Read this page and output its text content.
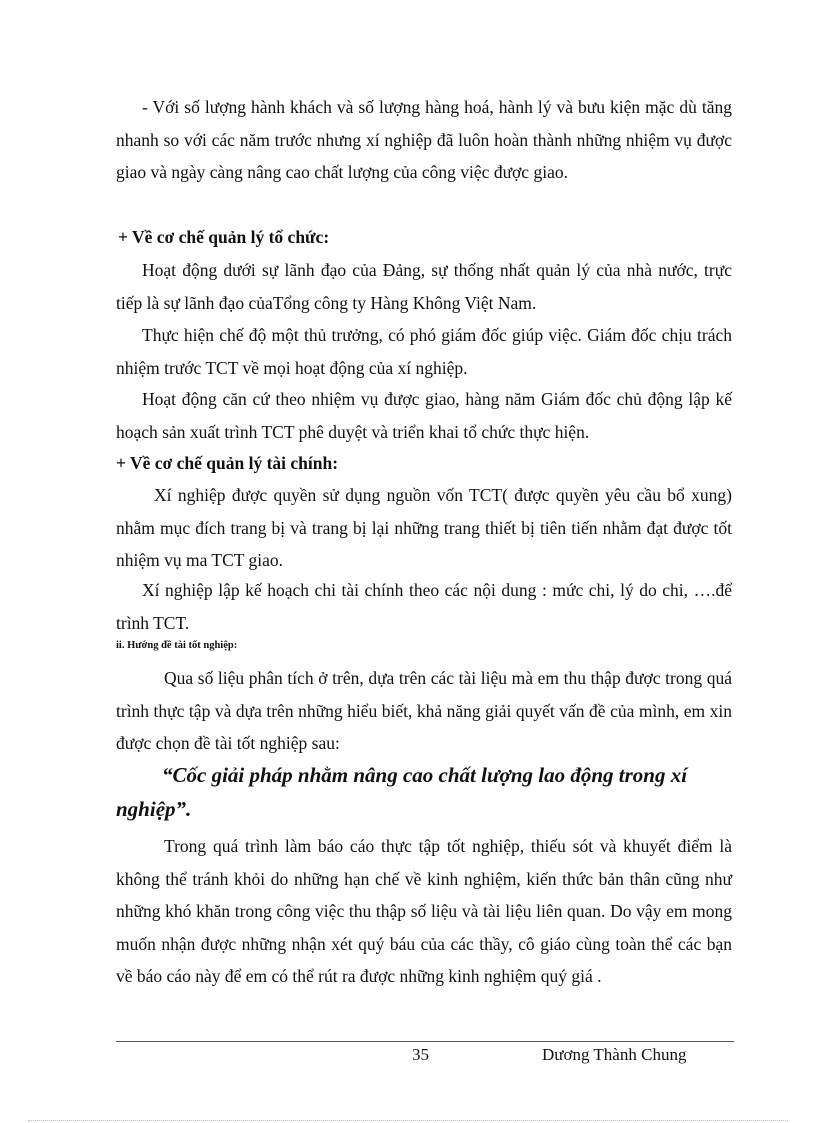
- Với số lượng hành khách và số lượng hàng hoá, hành lý và bưu kiện mặc dù tăng nhanh so với các năm trước nhưng xí nghiệp đã luôn hoàn thành những nhiệm vụ được giao và ngày càng nâng cao chất lượng của công việc được giao.

+ Về cơ chế quản lý tổ chức:

Hoạt động dưới sự lãnh đạo của Đảng, sự thống nhất quản lý của nhà nước, trực tiếp là sự lãnh đạo củaTổng công ty Hàng Không Việt Nam.

Thực hiện chế độ một thủ trưởng, có phó giám đốc giúp việc. Giám đốc chịu trách nhiệm trước TCT về mọi hoạt động của xí nghiệp.

Hoạt động căn cứ theo nhiệm vụ được giao, hàng năm Giám đốc chủ động lập kế hoạch sản xuất trình TCT phê duyệt và triển khai tổ chức thực hiện.

+ Về cơ chế quản lý tài chính:

Xí nghiệp được quyền sử dụng nguồn vốn TCT( được quyền yêu cầu bổ xung) nhằm mục đích trang bị và trang bị lại những trang thiết bị tiên tiến nhằm đạt được tốt nhiệm vụ ma TCT giao.

Xí nghiệp lập kế hoạch chi tài chính theo các nội dung : mức chi, lý do chi, ….để trình TCT.

ii. Hướng đề tài tốt nghiệp:

Qua số liệu phân tích ở trên, dựa trên các tài liệu mà em thu thập được trong quá trình thực tập và dựa trên những hiểu biết, khả năng giải quyết vấn đề của mình, em xin được chọn đề tài tốt nghiệp sau:

“Cốc giải pháp nhằm nâng cao chất lượng lao động trong xí nghiệp”.

Trong quá trình làm báo cáo thực tập tốt nghiệp, thiếu sót và khuyết điểm là không thể tránh khỏi do những hạn chế về kinh nghiệm, kiến thức bản thân cũng như những khó khăn trong công việc thu thập số liệu và tài liệu liên quan. Do vậy em mong muốn nhận được những nhận xét quý báu của các thầy, cô giáo cùng toàn thể các bạn về báo cáo này để em có thể rút ra được những kinh nghiệm quý giá .

35	Dương Thành Chung
